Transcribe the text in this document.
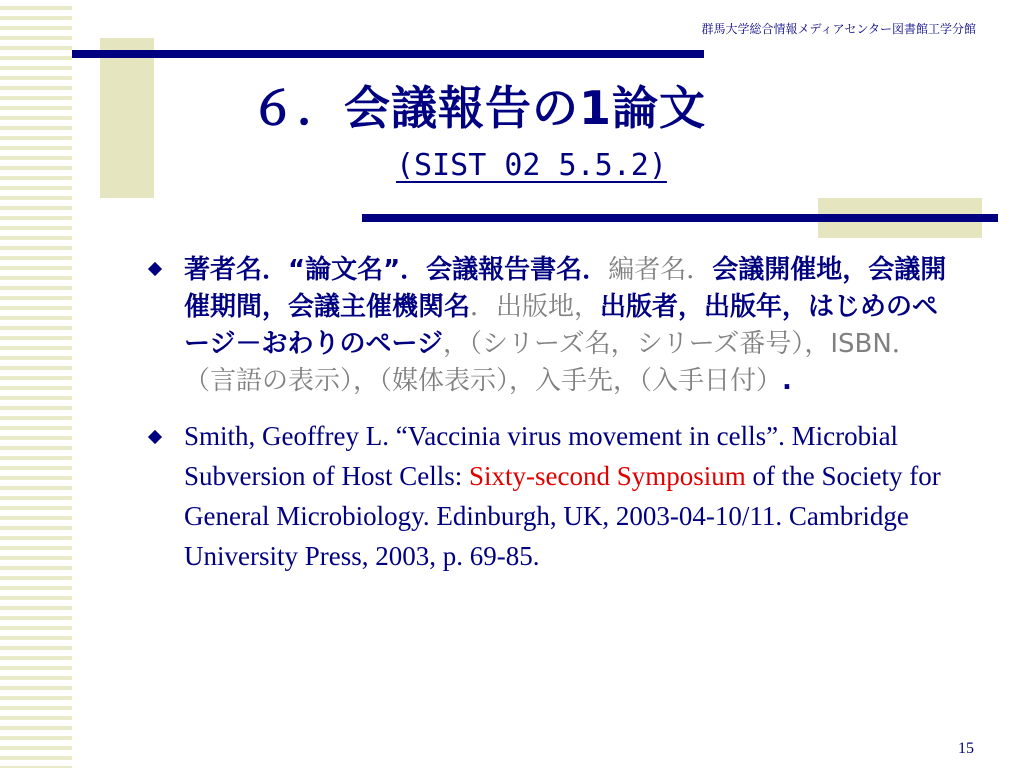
群馬大学総合情報メディアセンター図書館工学分館
６．会議報告の1論文
(SIST 02 5.5.2)
著者名．“論文名”．会議報告書名．編者名．会議開催地，会議開催期間，会議主催機関名．出版地，出版者，出版年，はじめのページ－おわりのページ，（シリーズ名，シリーズ番号），ISBN．（言語の表示），（媒体表示），入手先，（入手日付）.
Smith, Geoffrey L. “Vaccinia virus movement in cells”. Microbial Subversion of Host Cells: Sixty-second Symposium of the Society for General Microbiology. Edinburgh, UK, 2003-04-10/11. Cambridge University Press, 2003, p. 69-85.
15
